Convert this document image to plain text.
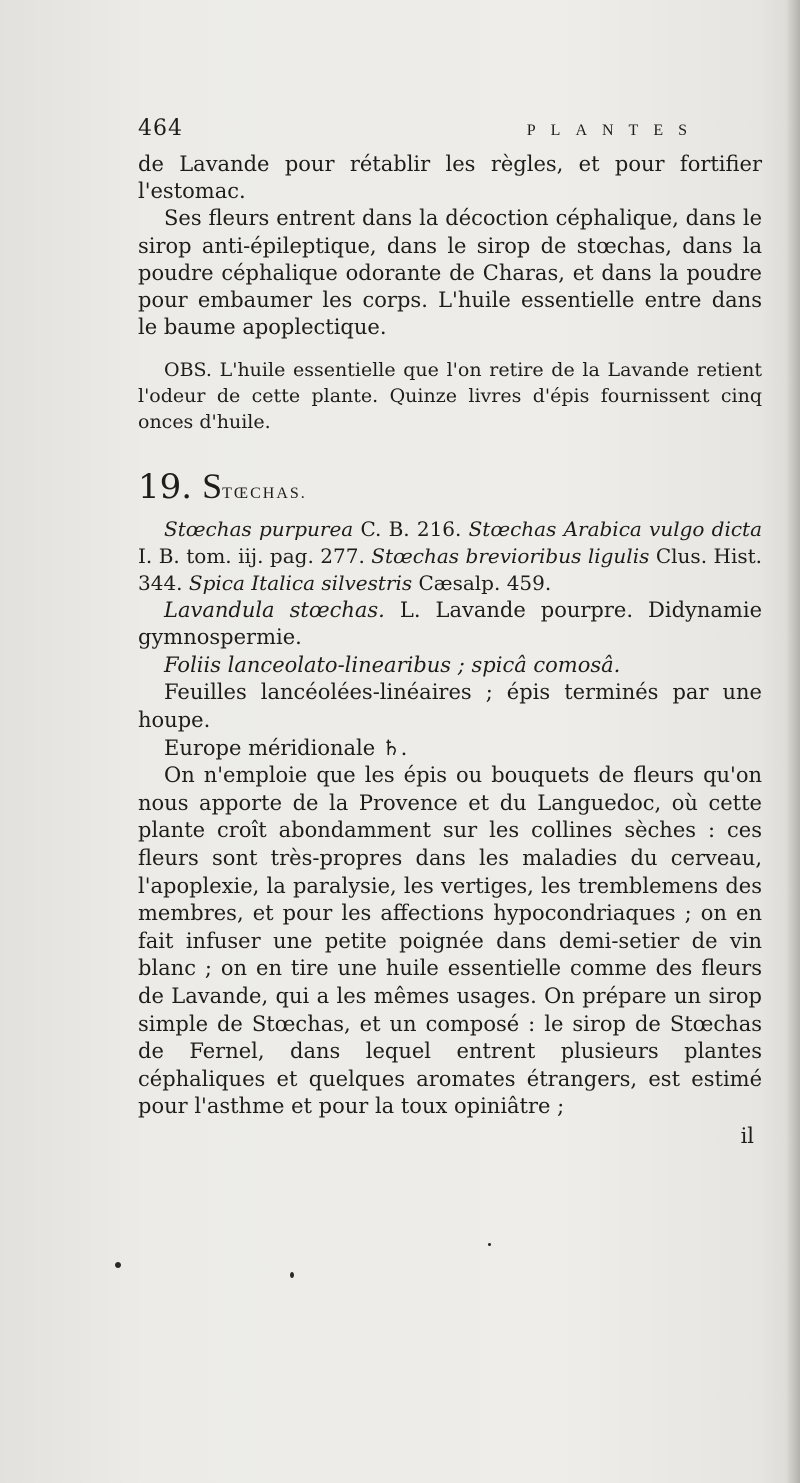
464	PLANTES

de Lavande pour rétablir les règles, et pour fortifier l'estomac.

Ses fleurs entrent dans la décoction céphalique, dans le sirop anti-épileptique, dans le sirop de stœchas, dans la poudre céphalique odorante de Charas, et dans la poudre pour embaumer les corps. L'huile essentielle entre dans le baume apoplectique.

OBS. L'huile essentielle que l'on retire de la Lavande retient l'odeur de cette plante. Quinze livres d'épis fournissent cinq onces d'huile.

19. STŒCHAS.

Stœchas purpurea C. B. 216. Stœchas Arabica vulgo dicta I. B. tom. iij. pag. 277. Stœchas brevioribus ligulis Clus. Hist. 344. Spica Italica silvestris Cæsalp. 459.

Lavandula stœchas. L. Lavande pourpre. Didynamie gymnospermie.

Foliis lanceolato-linearibus ; spicâ comosâ.

Feuilles lancéolées-linéaires ; épis terminés par une houpe.

Europe méridionale ♄.

On n'emploie que les épis ou bouquets de fleurs qu'on nous apporte de la Provence et du Languedoc, où cette plante croît abondamment sur les collines sèches : ces fleurs sont très-propres dans les maladies du cerveau, l'apoplexie, la paralysie, les vertiges, les tremblemens des membres, et pour les affections hypocondriaques ; on en fait infuser une petite poignée dans demi-setier de vin blanc ; on en tire une huile essentielle comme des fleurs de Lavande, qui a les mêmes usages. On prépare un sirop simple de Stœchas, et un composé : le sirop de Stœchas de Fernel, dans lequel entrent plusieurs plantes céphaliques et quelques aromates étrangers, est estimé pour l'asthme et pour la toux opiniâtre ;

il
